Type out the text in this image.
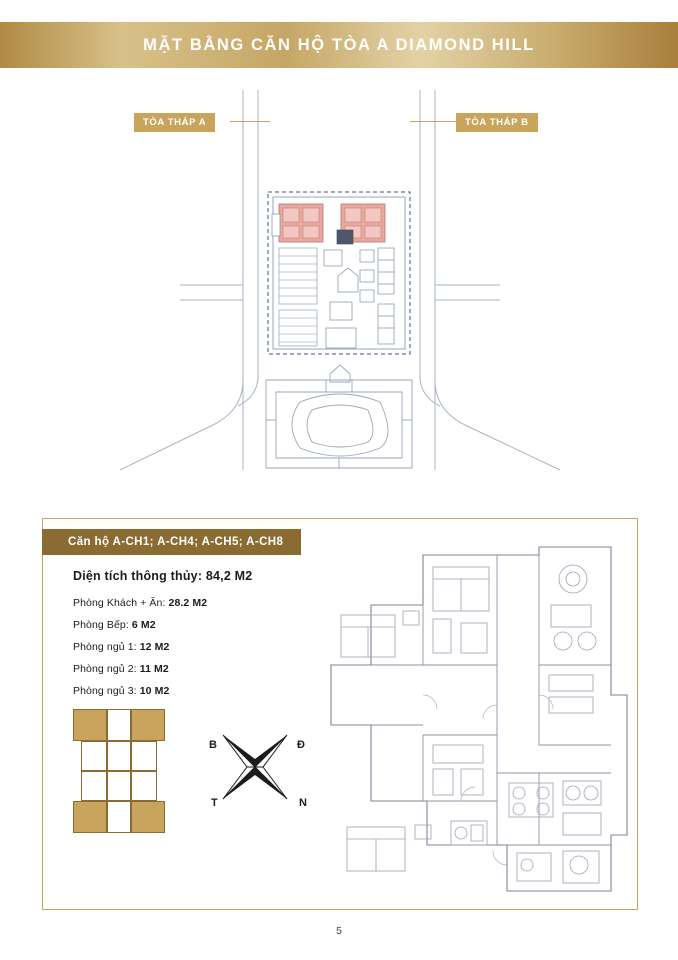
MẶT BẰNG CĂN HỘ TÒA A DIAMOND HILL
TÒA THÁP A	TÒA THÁP B
Căn hộ A-CH1; A-CH4; A-CH5; A-CH8
Diện tích thông thủy: 84,2 M2
Phòng Khách + Ăn: 28.2 M2
Phòng Bếp: 6 M2
Phòng ngủ 1: 12 M2
Phòng ngủ 2: 11 M2
Phòng ngủ 3: 10 M2
B	Đ
T	N
5
